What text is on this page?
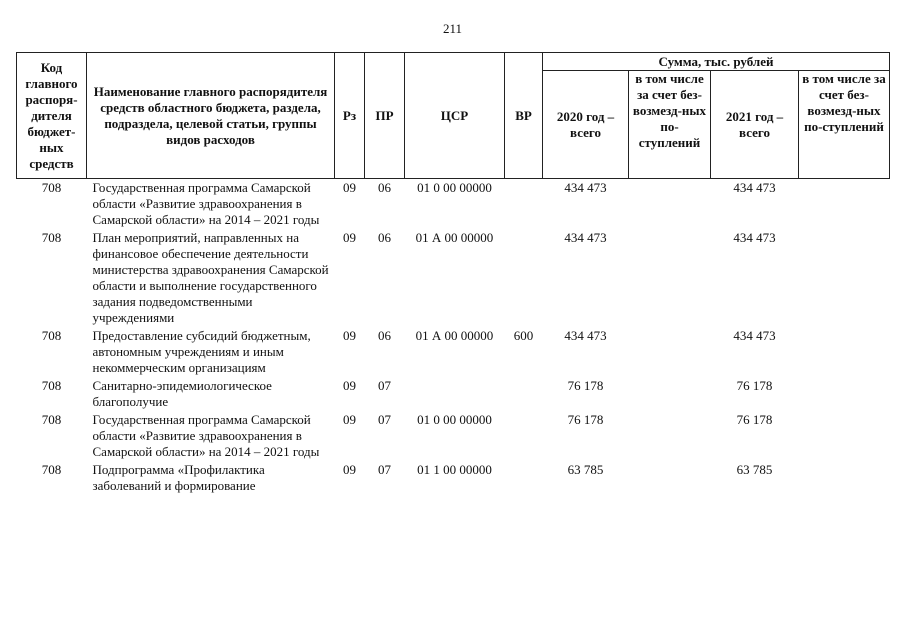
211
Код главного распоря-дителя бюджет-ных средств	Наименование главного распорядителя средств областного бюджета, раздела, подраздела, целевой статьи, группы видов расходов	Рз	ПР	ЦСР	ВР	Сумма, тыс. рублей			
						2020 год – всего	в том числе за счет без-возмезд-ных по-ступлений	2021 год – всего	в том числе за счет без-возмезд-ных по-ступлений
708	Государственная программа Самарской области «Развитие здравоохранения в Самарской области» на 2014 – 2021 годы	09	06	01 0 00 00000		434 473		434 473	
708	План мероприятий, направленных на финансовое обеспечение деятельности министерства здравоохранения Самарской области и выполнение государственного задания подведомственными учреждениями	09	06	01 А 00 00000		434 473		434 473	
708	Предоставление субсидий бюджетным, автономным учреждениям и иным некоммерческим организациям	09	06	01 А 00 00000	600	434 473		434 473	
708	Санитарно-эпидемиологическое благополучие	09	07			76 178		76 178	
708	Государственная программа Самарской области «Развитие здравоохранения в Самарской области» на 2014 – 2021 годы	09	07	01 0 00 00000		76 178		76 178	
708	Подпрограмма «Профилактика заболеваний и формирование	09	07	01 1 00 00000		63 785		63 785	
